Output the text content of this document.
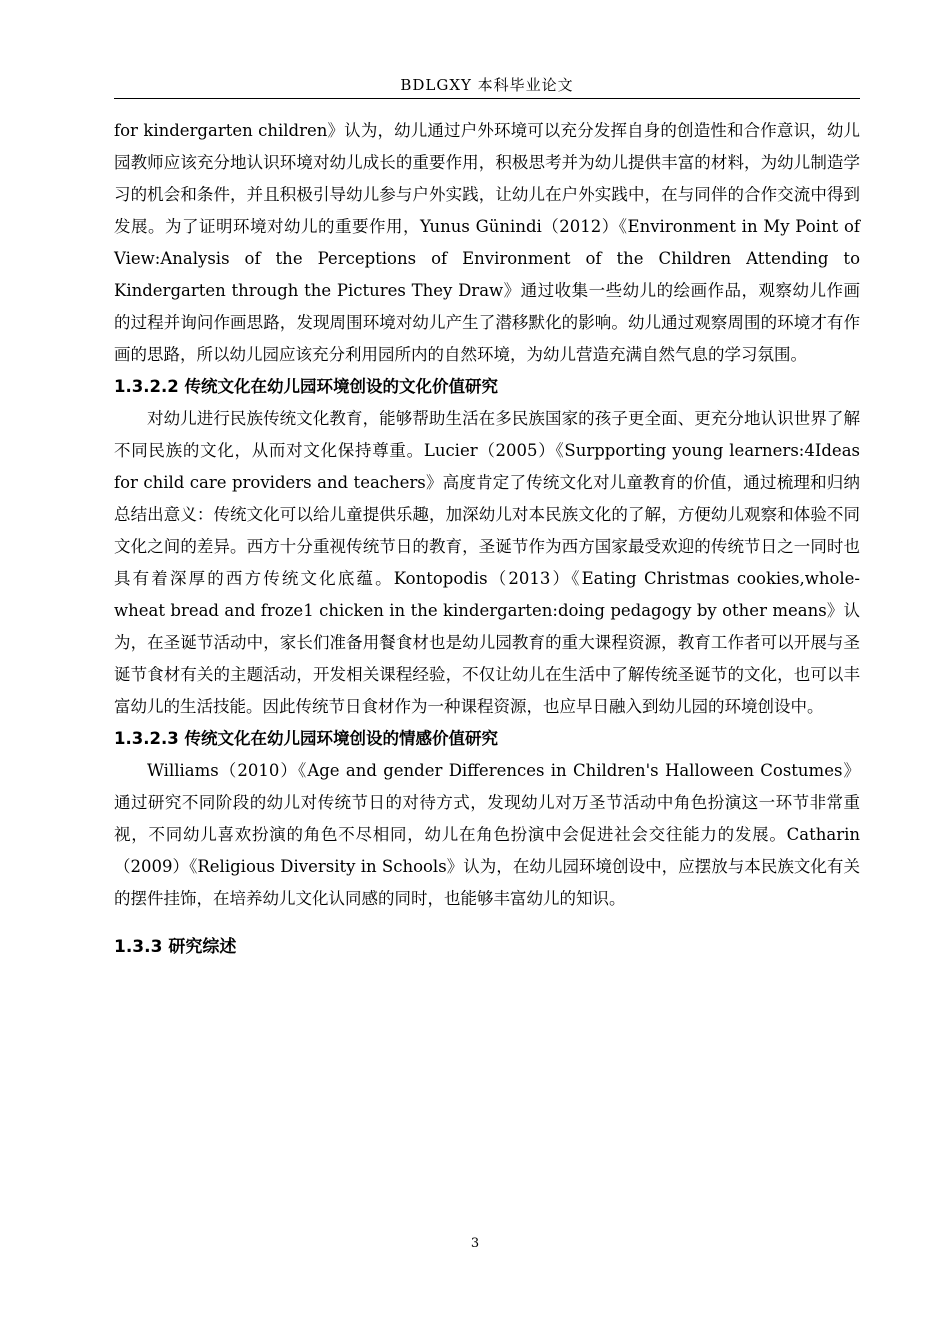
BDLGXY 本科毕业论文

for kindergarten children》认为，幼儿通过户外环境可以充分发挥自身的创造性和合作意识，幼儿园教师应该充分地认识环境对幼儿成长的重要作用，积极思考并为幼儿提供丰富的材料，为幼儿制造学习的机会和条件，并且积极引导幼儿参与户外实践，让幼儿在户外实践中，在与同伴的合作交流中得到发展。为了证明环境对幼儿的重要作用，Yunus Günindi（2012）《Environment in My Point of View:Analysis of the Perceptions of Environment of the Children Attending to Kindergarten through the Pictures They Draw》通过收集一些幼儿的绘画作品，观察幼儿作画的过程并询问作画思路，发现周围环境对幼儿产生了潜移默化的影响。幼儿通过观察周围的环境才有作画的思路，所以幼儿园应该充分利用园所内的自然环境，为幼儿营造充满自然气息的学习氛围。

1.3.2.2 传统文化在幼儿园环境创设的文化价值研究

对幼儿进行民族传统文化教育，能够帮助生活在多民族国家的孩子更全面、更充分地认识世界了解不同民族的文化，从而对文化保持尊重。Lucier（2005）《Surpporting young learners:4Ideas for child care providers and teachers》高度肯定了传统文化对儿童教育的价值，通过梳理和归纳总结出意义：传统文化可以给儿童提供乐趣，加深幼儿对本民族文化的了解，方便幼儿观察和体验不同文化之间的差异。西方十分重视传统节日的教育，圣诞节作为西方国家最受欢迎的传统节日之一同时也具有着深厚的西方传统文化底蕴。Kontopodis（2013）《Eating Christmas cookies,whole-wheat bread and froze1 chicken in the kindergarten:doing pedagogy by other means》认为，在圣诞节活动中，家长们准备用餐食材也是幼儿园教育的重大课程资源，教育工作者可以开展与圣诞节食材有关的主题活动，开发相关课程经验，不仅让幼儿在生活中了解传统圣诞节的文化，也可以丰富幼儿的生活技能。因此传统节日食材作为一种课程资源，也应早日融入到幼儿园的环境创设中。

1.3.2.3 传统文化在幼儿园环境创设的情感价值研究

Williams（2010）《Age and gender Differences in Children's Halloween Costumes》通过研究不同阶段的幼儿对传统节日的对待方式，发现幼儿对万圣节活动中角色扮演这一环节非常重视，不同幼儿喜欢扮演的角色不尽相同，幼儿在角色扮演中会促进社会交往能力的发展。Catharin（2009）《Religious Diversity in Schools》认为，在幼儿园环境创设中，应摆放与本民族文化有关的摆件挂饰，在培养幼儿文化认同感的同时，也能够丰富幼儿的知识。

1.3.3 研究综述

3
